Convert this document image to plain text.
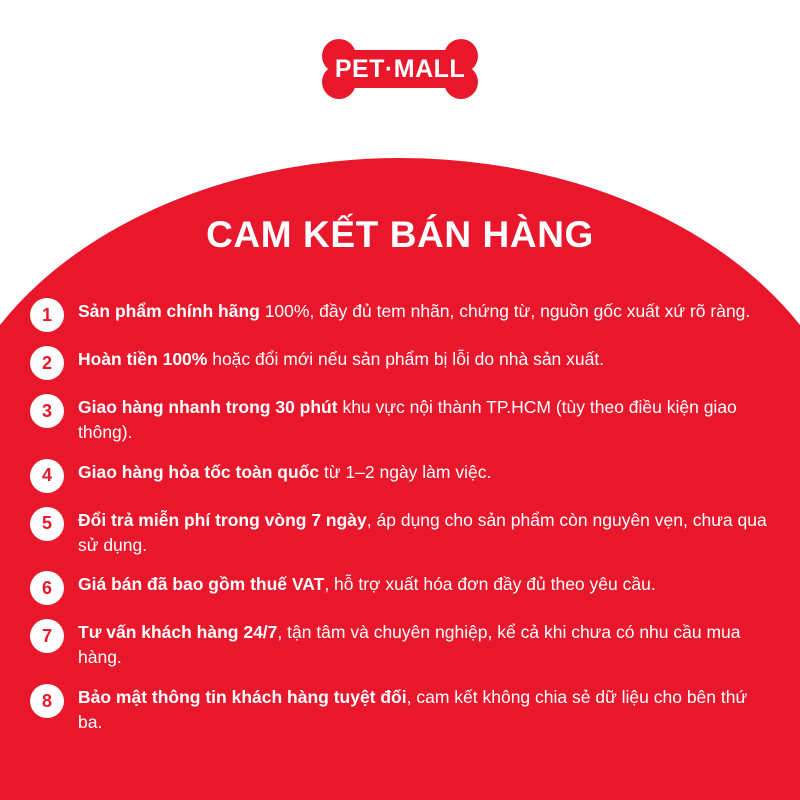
PET·MALL
CAM KẾT BÁN HÀNG
1	Sản phẩm chính hãng 100%, đầy đủ tem nhãn, chứng từ, nguồn gốc xuất xứ rõ ràng.
2	Hoàn tiền 100% hoặc đổi mới nếu sản phẩm bị lỗi do nhà sản xuất.
3	Giao hàng nhanh trong 30 phút khu vực nội thành TP.HCM (tùy theo điều kiện giao thông).
4	Giao hàng hỏa tốc toàn quốc từ 1–2 ngày làm việc.
5	Đổi trả miễn phí trong vòng 7 ngày, áp dụng cho sản phẩm còn nguyên vẹn, chưa qua sử dụng.
6	Giá bán đã bao gồm thuế VAT, hỗ trợ xuất hóa đơn đầy đủ theo yêu cầu.
7	Tư vấn khách hàng 24/7, tận tâm và chuyên nghiệp, kể cả khi chưa có nhu cầu mua hàng.
8	Bảo mật thông tin khách hàng tuyệt đối, cam kết không chia sẻ dữ liệu cho bên thứ ba.
